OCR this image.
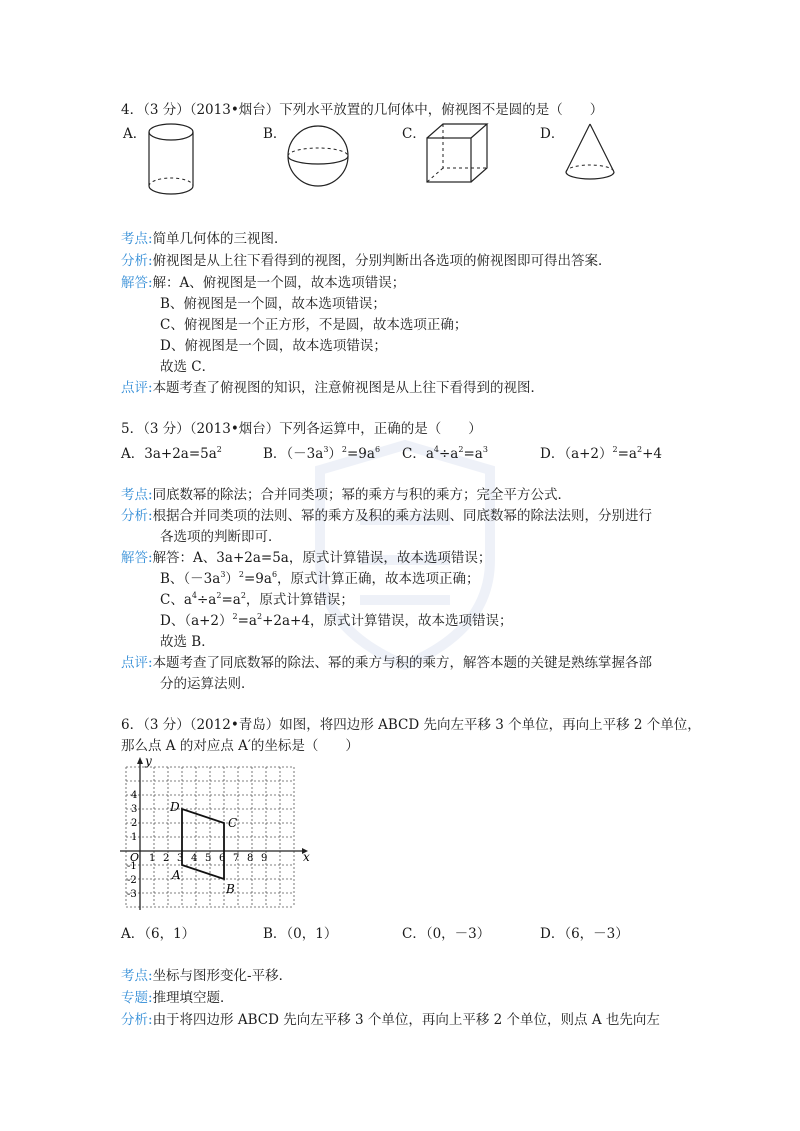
4．（3 分）（2013•烟台）下列水平放置的几何体中，俯视图不是圆的是（　　）
A．	B．	C．	D．
考点:简单几何体的三视图．
分析:俯视图是从上往下看得到的视图，分别判断出各选项的俯视图即可得出答案．
解答:解：A、俯视图是一个圆，故本选项错误；
B、俯视图是一个圆，故本选项错误；
C、俯视图是一个正方形，不是圆，故本选项正确；
D、俯视图是一个圆，故本选项错误；
故选 C．
点评:本题考查了俯视图的知识，注意俯视图是从上往下看得到的视图．
5．（3 分）（2013•烟台）下列各运算中，正确的是（　　）
A．$3a+2a=5a^2$	B．$(-3a^3)^2=9a^6$ C．$a^4\div a^2=a^3$	D．$(a+2)^2=a^2+4$
考点:同底数幂的除法；合并同类项；幂的乘方与积的乘方；完全平方公式．
分析:根据合并同类项的法则、幂的乘方及积的乘方法则、同底数幂的除法法则，分别进行
各选项的判断即可．
解答:解答：A、3a+2a=5a，原式计算错误，故本选项错误；
B、$(-3a^3)^2=9a^6$，原式计算正确，故本选项正确；
C、$a^4\div a^2=a^2$，原式计算错误；
D、$(a+2)^2=a^2+2a+4$，原式计算错误，故本选项错误；
故选 B．
点评:本题考查了同底数幂的除法、幂的乘方与积的乘方，解答本题的关键是熟练掌握各部
分的运算法则．
6．（3 分）（2012•青岛）如图，将四边形 ABCD 先向左平移 3 个单位，再向上平移 2 个单位，
那么点 A 的对应点 A′的坐标是（　　）
x
y
O 1 2 3 4 5 6 7 8 9
1
2
3
4
-1
-2
-3
A
B
C
D
A．（6，1）	B．（0，1）	C．（0，－3）	D．（6，－3）
考点:坐标与图形变化-平移．
专题:推理填空题．
分析:由于将四边形 ABCD 先向左平移 3 个单位，再向上平移 2 个单位，则点 A 也先向左
